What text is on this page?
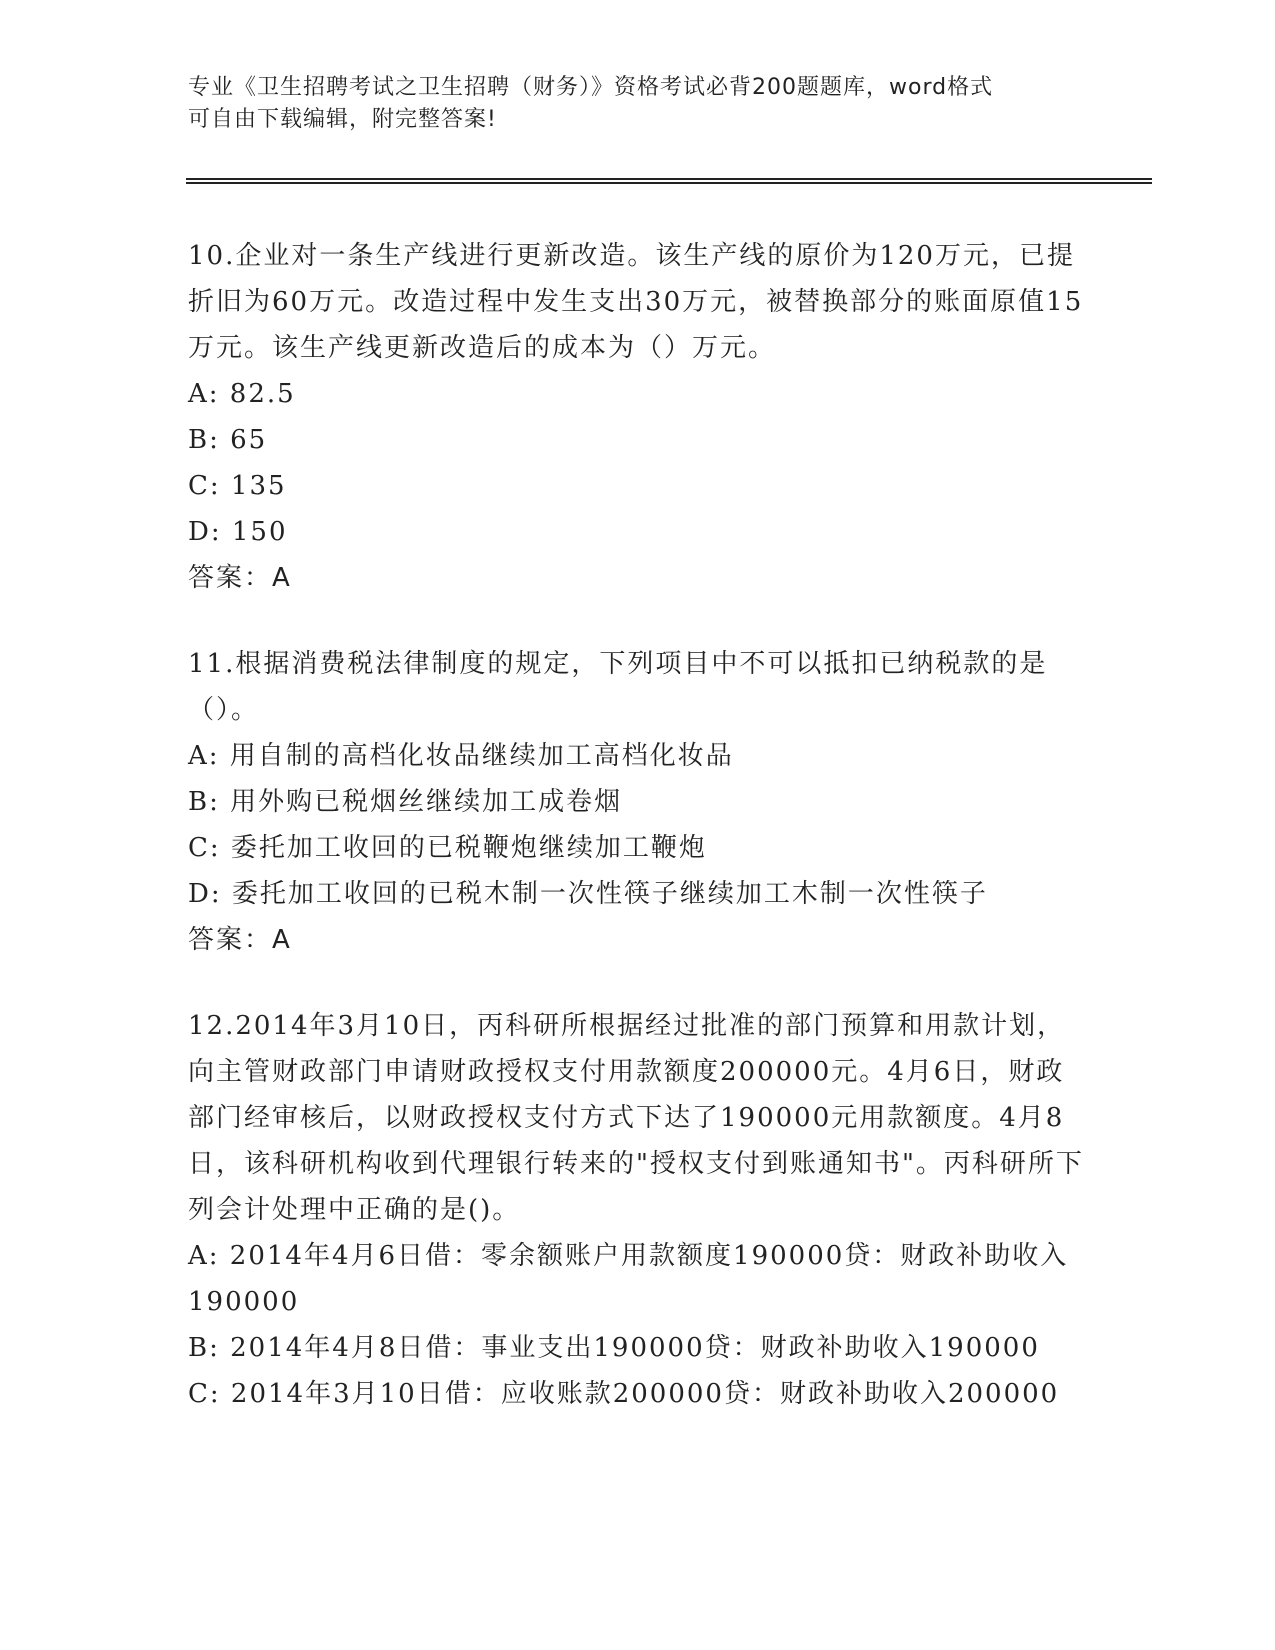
专业《卫生招聘考试之卫生招聘（财务）》资格考试必背200题题库，word格式
可自由下载编辑，附完整答案!

10.企业对一条生产线进行更新改造。该生产线的原价为120万元，已提折旧为60万元。改造过程中发生支出30万元，被替换部分的账面原值15万元。该生产线更新改造后的成本为（）万元。

A: 82.5

B: 65

C: 135

D: 150

答案：A

11.根据消费税法律制度的规定，下列项目中不可以抵扣已纳税款的是（）。

A: 用自制的高档化妆品继续加工高档化妆品

B: 用外购已税烟丝继续加工成卷烟

C: 委托加工收回的已税鞭炮继续加工鞭炮

D: 委托加工收回的已税木制一次性筷子继续加工木制一次性筷子

答案：A

12.2014年3月10日，丙科研所根据经过批准的部门预算和用款计划，向主管财政部门申请财政授权支付用款额度200000元。4月6日，财政部门经审核后，以财政授权支付方式下达了190000元用款额度。4月8日，该科研机构收到代理银行转来的"授权支付到账通知书"。丙科研所下列会计处理中正确的是()。

A: 2014年4月6日借：零余额账户用款额度190000贷：财政补助收入190000

B: 2014年4月8日借：事业支出190000贷：财政补助收入190000

C: 2014年3月10日借：应收账款200000贷：财政补助收入200000
